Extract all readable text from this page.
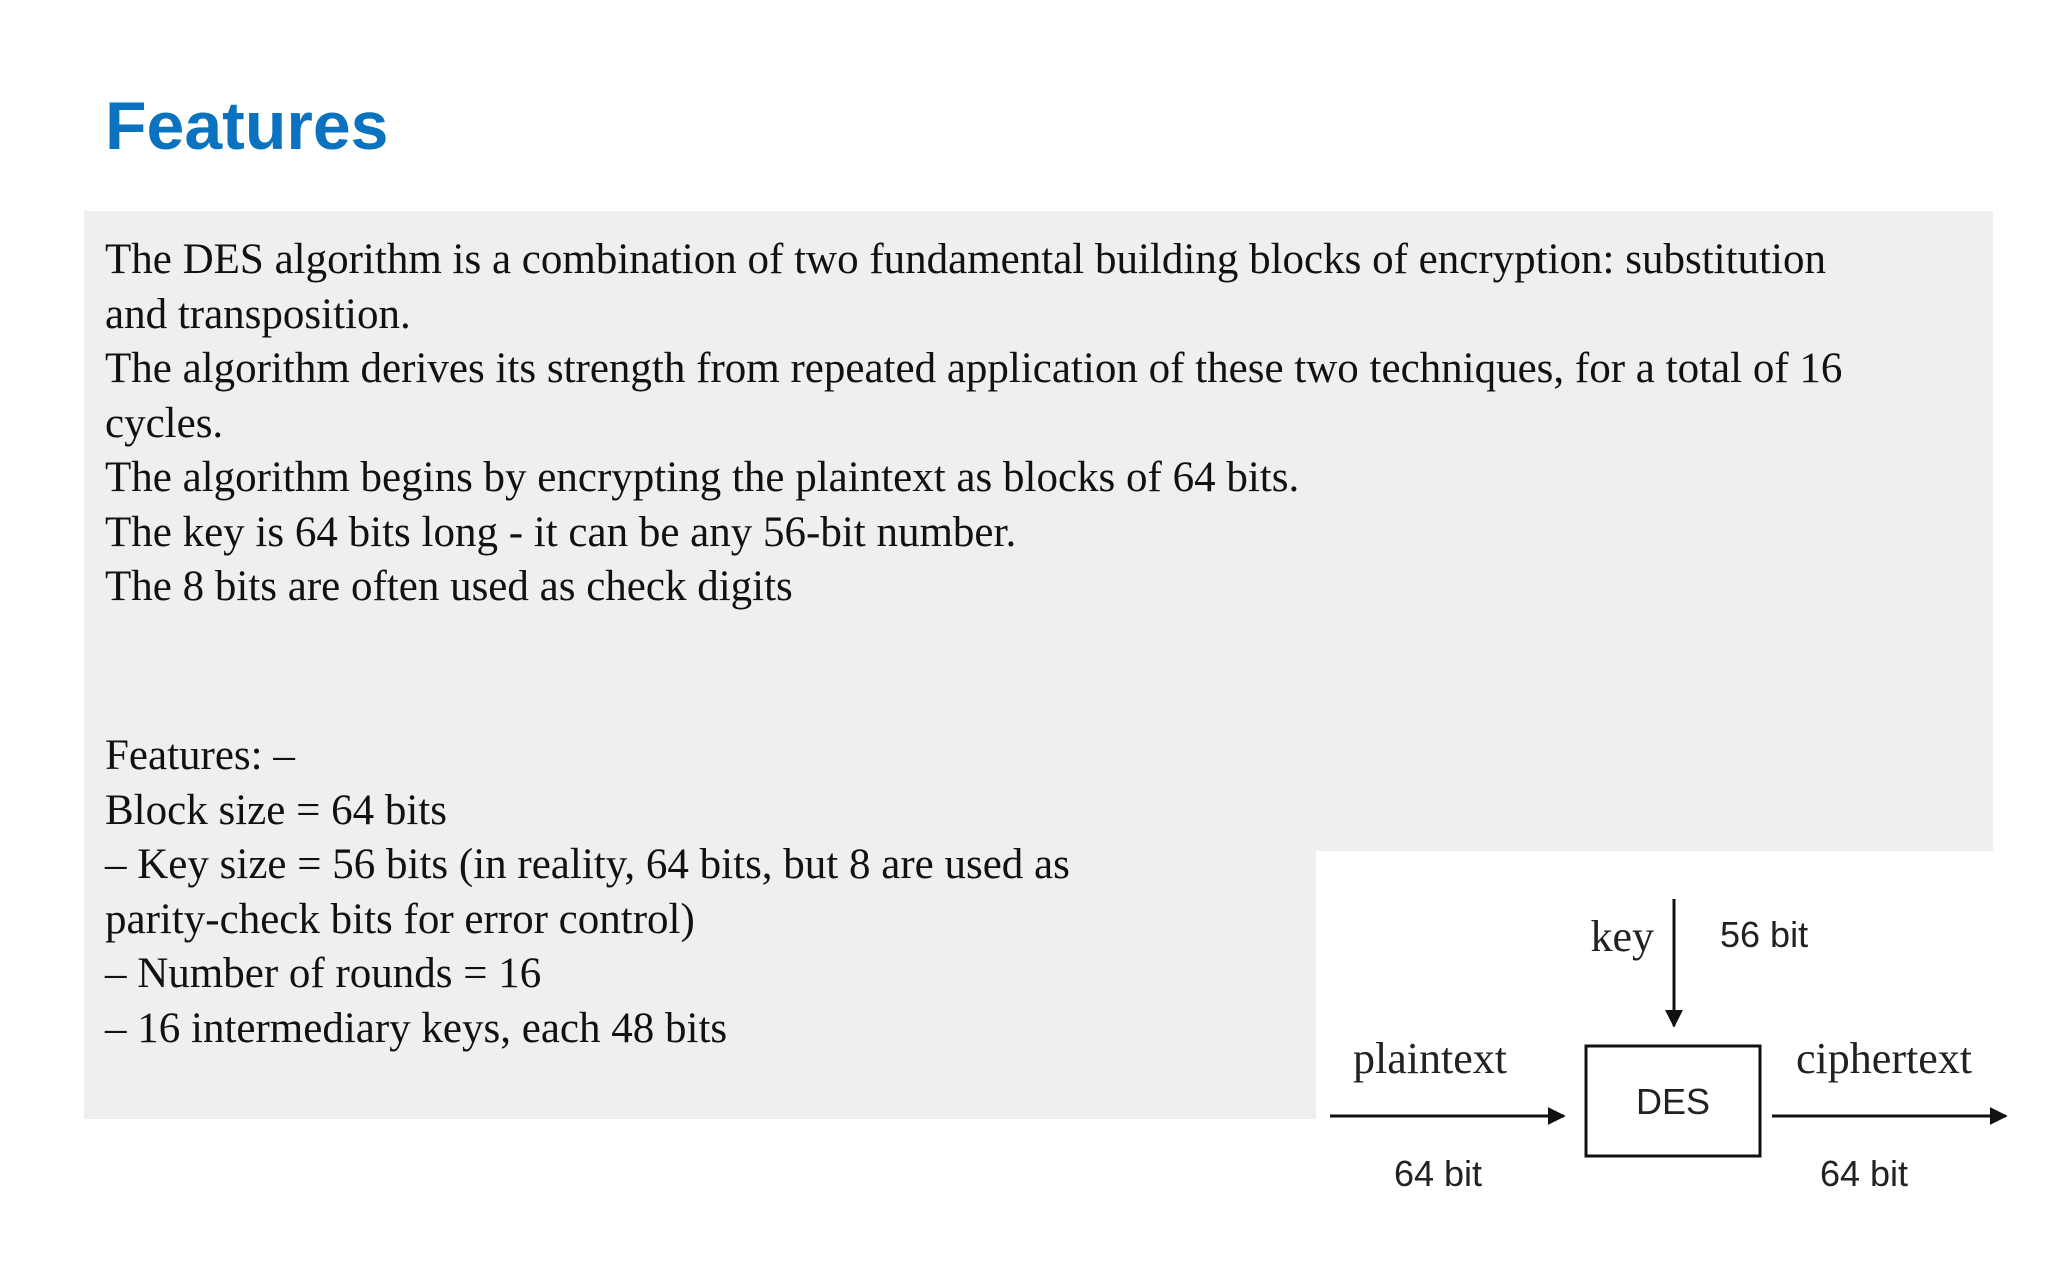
Features
The DES algorithm is a combination of two fundamental building blocks of encryption: substitution
and transposition.
The algorithm derives its strength from repeated application of these two techniques, for a total of 16
cycles.
The algorithm begins by encrypting the plaintext as blocks of 64 bits.
The key is 64 bits long - it can be any 56-bit number.
The 8 bits are often used as check digits
Features: –
Block size = 64 bits
– Key size = 56 bits (in reality, 64 bits, but 8 are used as
parity-check bits for error control)
– Number of rounds = 16
– 16 intermediary keys, each 48 bits
DES
key 56 bit
plaintext
64 bit
ciphertext
64 bit
